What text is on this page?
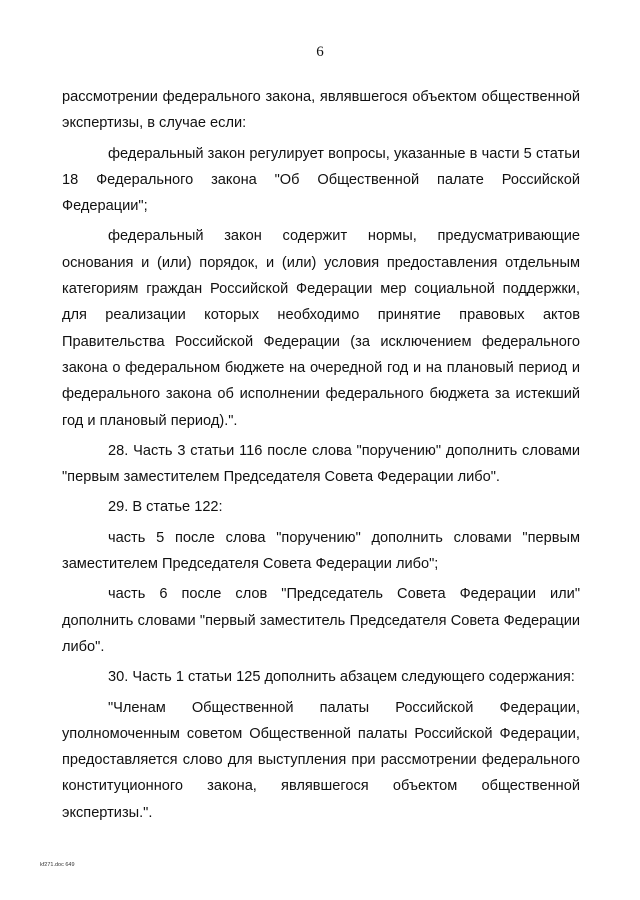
6

рассмотрении федерального закона, являвшегося объектом общественной экспертизы, в случае если:

федеральный закон регулирует вопросы, указанные в части 5 статьи 18 Федерального закона "Об Общественной палате Российской Федерации";

федеральный закон содержит нормы, предусматривающие основания и (или) порядок, и (или) условия предоставления отдельным категориям граждан Российской Федерации мер социальной поддержки, для реализации которых необходимо принятие правовых актов Правительства Российской Федерации (за исключением федерального закона о федеральном бюджете на очередной год и на плановый период и федерального закона об исполнении федерального бюджета за истекший год и плановый период).".

28. Часть 3 статьи 116 после слова "поручению" дополнить словами "первым заместителем Председателя Совета Федерации либо".

29. В статье 122:

часть 5 после слова "поручению" дополнить словами "первым заместителем Председателя Совета Федерации либо";

часть 6 после слов "Председатель Совета Федерации или" дополнить словами "первый заместитель Председателя Совета Федерации либо".

30. Часть 1 статьи 125 дополнить абзацем следующего содержания:

"Членам Общественной палаты Российской Федерации, уполномоченным советом Общественной палаты Российской Федерации, предоставляется слово для выступления при рассмотрении федерального конституционного закона, являвшегося объектом общественной экспертизы.".

kf271.doc 649
